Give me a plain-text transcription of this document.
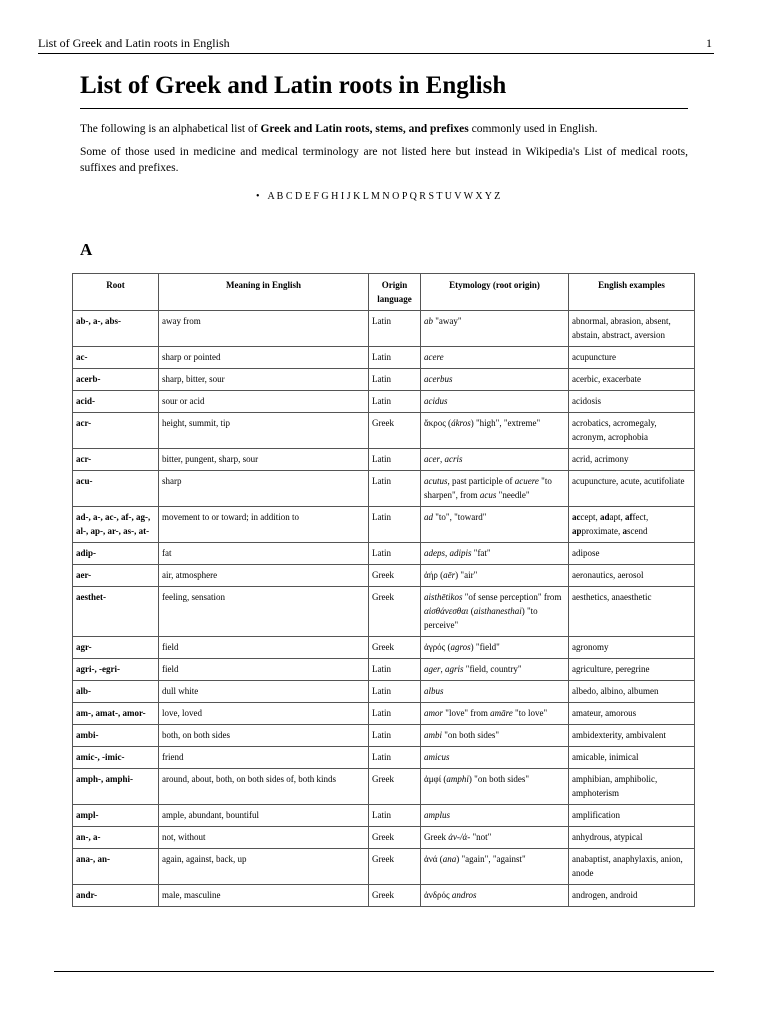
List of Greek and Latin roots in English	1
List of Greek and Latin roots in English

The following is an alphabetical list of Greek and Latin roots, stems, and prefixes commonly used in English.

Some of those used in medicine and medical terminology are not listed here but instead in Wikipedia's List of medical roots, suffixes and prefixes.

• A B C D E F G H I J K L M N O P Q R S T U V W X Y Z
A
Root	Meaning in English	Origin language	Etymology (root origin)	English examples
ab-, a-, abs-	away from	Latin	ab "away"	abnormal, abrasion, absent, abstain, abstract, aversion
ac-	sharp or pointed	Latin	acere	acupuncture
acerb-	sharp, bitter, sour	Latin	acerbus	acerbic, exacerbate
acid-	sour or acid	Latin	acidus	acidosis
acr-	height, summit, tip	Greek	ἄκρος (ákros) "high", "extreme"	acrobatics, acromegaly, acronym, acrophobia
acr-	bitter, pungent, sharp, sour	Latin	acer, acris	acrid, acrimony
acu-	sharp	Latin	acutus, past participle of acuere "to sharpen", from acus "needle"	acupuncture, acute, acutifoliate
ad-, a-, ac-, af-, ag-, al-, ap-, ar-, as-, at-	movement to or toward; in addition to	Latin	ad "to", "toward"	accept, adapt, affect, approximate, ascend
adip-	fat	Latin	adeps, adipis "fat"	adipose
aer-	air, atmosphere	Greek	ἀήρ (aēr) "air"	aeronautics, aerosol
aesthet-	feeling, sensation	Greek	aisthētikos "of sense perception" from αἰσθάνεσθαι (aisthanesthai) "to perceive"	aesthetics, anaesthetic
agr-	field	Greek	ἀγρός (agros) "field"	agronomy
agri-, -egri-	field	Latin	ager, agris "field, country"	agriculture, peregrine
alb-	dull white	Latin	albus	albedo, albino, albumen
am-, amat-, amor-	love, loved	Latin	amor "love" from amāre "to love"	amateur, amorous
ambi-	both, on both sides	Latin	ambi "on both sides"	ambidexterity, ambivalent
amic-, -imic-	friend	Latin	amicus	amicable, inimical
amph-, amphi-	around, about, both, on both sides of, both kinds	Greek	ἀμφί (amphi) "on both sides"	amphibian, amphibolic, amphoterism
ampl-	ample, abundant, bountiful	Latin	amplus	amplification
an-, a-	not, without	Greek	Greek ἀν-/ἀ- "not"	anhydrous, atypical
ana-, an-	again, against, back, up	Greek	ἀνά (ana) "again", "against"	anabaptist, anaphylaxis, anion, anode
andr-	male, masculine	Greek	ἀνδρός andros	androgen, android
